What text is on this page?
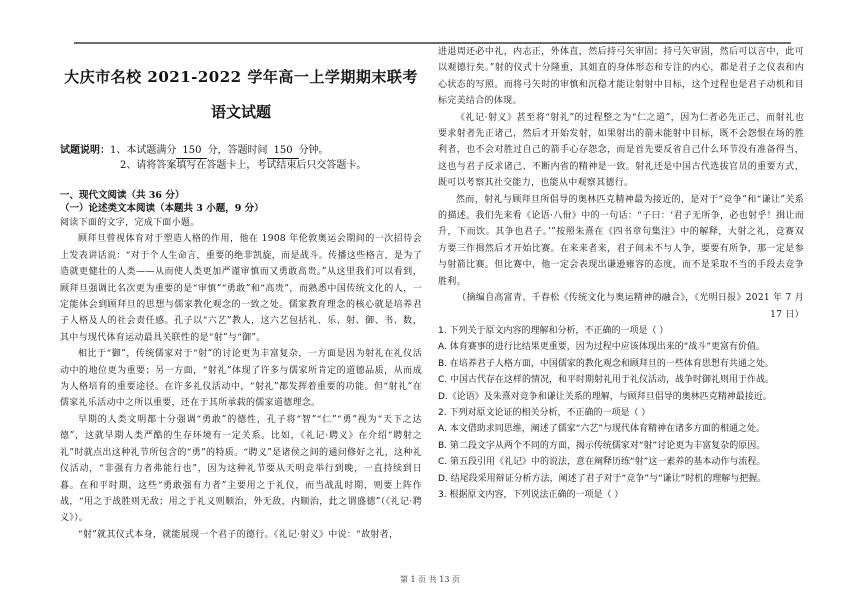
大庆市名校 2021-2022 学年高一上学期期末联考
语文试题
试题说明： 1、本试题满分 150 分，答题时间 150 分钟。
2、请将答案填写在答题卡上，考试结束后只交答题卡。
一、现代文阅读（共 36 分）
（一）论述类文本阅读（本题共 3 小题，9 分）
阅读下面的文字，完成下面小题。

顾拜旦曾视体育对于塑造人格的作用，他在 1908 年伦敦奥运会期间的一次招待会上发表讲话说：“对于个人生命言，重要的绝非凯旋，而是战斗。传播这些格言，是为了造就更健壮的人类——从而使人类更加严谨审慎而又勇敢高贵。”从这里我们可以看到，顾拜旦强调比名次更为重要的是“审慎”“勇敢”和“高贵”，而熟悉中国传统文化的人，一定能体会到顾拜旦的思想与儒家教化观念的一致之处。儒家教育理念的核心就是培养君子人格及人的社会责任感。孔子以“六艺”教人，这六艺包括礼、乐、射、御、书、数，其中与现代体育运动最具关联性的是“射”与“御”。

相比于“御”，传统儒家对于“射”的讨论更为丰富复杂，一方面是因为射礼在礼仪活动中的地位更为重要；另一方面，“射礼”体现了许多与儒家所肯定的道德品质，从而成为人格培育的重要途径。在许多礼仪活动中，“射礼”都发挥着重要的功能。但“射礼”在儒家礼乐活动中之所以重要，还在于其所承载的儒家道德理念。

早期的人类文明都十分强调“勇敢”的德性，孔子将“智”“仁”“勇”视为“天下之达德”，这就早期人类严酷的生存环境有一定关系。比如，《礼记·聘义》在介绍“聘射之礼”时就点出这种礼节所包含的“勇”的特质。“聘义”是诸侯之间的通问修好之礼，这种礼仪活动，“非强有力者弗能行也”，因为这种礼节要从天明竞举行到晚，一直持续到日暮。在和平时期，这些“勇敢强有力者”主要用之于礼仪，而当战乱时期，则要上阵作战，“用之于战胜则无敌；用之于礼义则顺治，外无敌，内顺治，此之谓盛德”（《礼记·聘义》）。

“射”就其仪式本身，就能展现一个君子的德行。《礼记·射义》中说：“故射者，

进退周还必中礼，内志正，外体直，然后持弓矢审固；持弓矢审固，然后可以言中，此可以观德行矣。”射的仪式十分隆重，其姐直的身体形态和专注的内心，都是君子之仪表和内心状态的写照。而将弓矢时的审慎和沉稳才能让射射中目标，这个过程也是君子动机和目标完美结合的体现。

《礼记·射义》甚至将“射礼”的过程整之为“仁之道”，因为仁者必先正己，而射礼也要求射者先正诸己，然后才开始发射，如果射出的箭未能射中目标，既不会怨恨在场的胜利者，也不会对胜过自己的箭手心存怨念，而是首先要反省自己什么环节没有准备得当，这也与君子反求诸己、不断内省的精神是一致。射礼还是中国古代选拔官员的重要方式，既可以考察其社交能力，也能从中观察其德行。

然而，射礼与顾拜旦所倡导的奥林匹克精神最为接近的，是对于“竞争”和“谦让”关系的描述。我们先来看《论语·八佾》中的一句话：“子曰：‘君子无所争，必也射乎！揖让而升，下而饮。其争也君子。’”按照朱熹在《四书章句集注》中的解释，大射之礼，竞赛双方要三作揖然后才开始比赛。在来来者来，君子间未不与人争，要要有所争，那一定是参与射箭比赛。但比赛中，他一定会表现出谦逊雍容的态度，而不是采取不当的手段去竞争胜利。

（摘编自高富青、千春松《传统文化与奥运精神的融合》，《光明日报》2021 年 7 月 17 日）

1. 下列关于原文内容的理解和分析，不正确的一项是（ ）
A. 体育赛事的进行比结果更重要，因为过程中应该体现出来的“战斗”更富有价值。
B. 在培养君子人格方面，中国儒家的教化观念和顾拜旦的一些体育思想有共通之处。
C. 中国古代存在这样的情况，和平时期射礼用于礼仪活动，战争时御礼则用于作战。
D.《论语》及朱熹对竞争和谦让关系的理解，与顾拜旦倡导的奥林匹克精神最接近。
2. 下列对原文论证的相关分析，不正确的一项是（ ）
A. 本文借助求同思维，阐述了儒家“六艺”与现代体育精神在诸多方面的相通之处。
B. 第二段文字从两个不同的方面，揭示传统儒家对“射”讨论更为丰富复杂的原因。
C. 第五段引用《礼记》中的说法，意在阐释历练“射”这一素养的基本动作与流程。
D. 结尾段采用辩证分析方法，阐述了君子对于“竞争”与“谦让”时机的理解与把握。
3. 根据原文内容，下列说法正确的一项是（ ）
第 1 页 共 13 页
